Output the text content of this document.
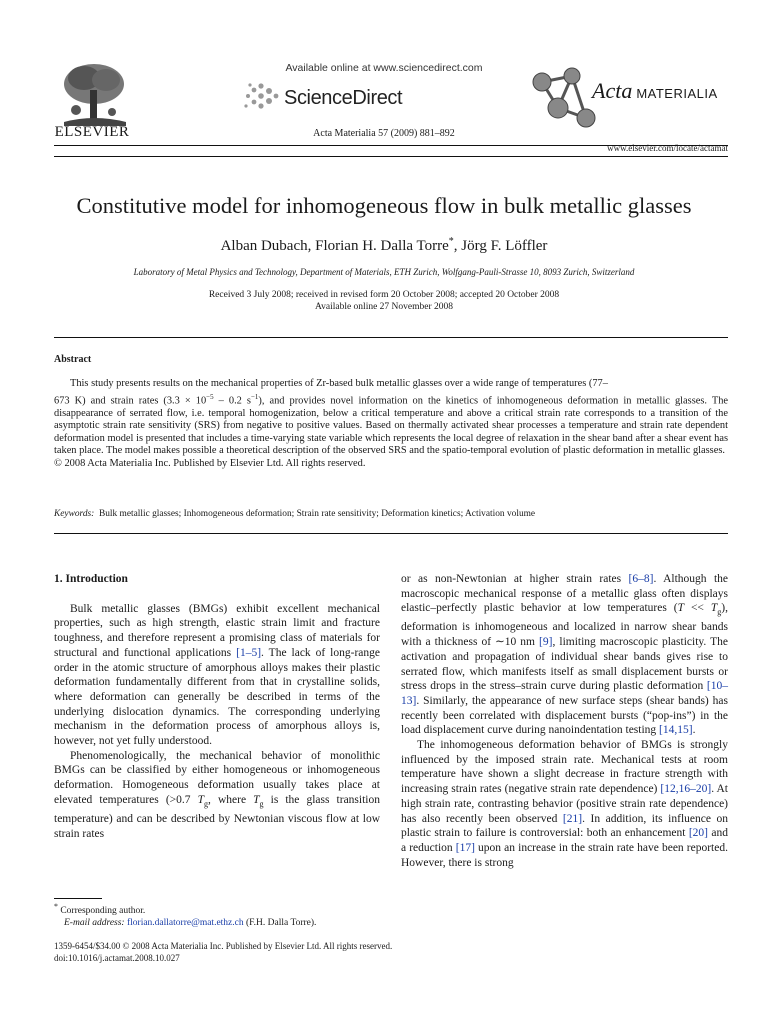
ELSEVIER
Available online at www.sciencedirect.com
ScienceDirect
Acta Materialia 57 (2009) 881–892
Acta MATERIALIA
www.elsevier.com/locate/actamat
Constitutive model for inhomogeneous flow in bulk metallic glasses
Alban Dubach, Florian H. Dalla Torre*, Jörg F. Löffler
Laboratory of Metal Physics and Technology, Department of Materials, ETH Zurich, Wolfgang-Pauli-Strasse 10, 8093 Zurich, Switzerland
Received 3 July 2008; received in revised form 20 October 2008; accepted 20 October 2008
Available online 27 November 2008
Abstract

This study presents results on the mechanical properties of Zr-based bulk metallic glasses over a wide range of temperatures (77–
673 K) and strain rates ($3.3 \times 10^{-5} - 0.2$ $s^{-1}$), and provides novel information on the kinetics of inhomogeneous deformation in metallic glasses. The disappearance of serrated flow, i.e. temporal homogenization, below a critical temperature and above a critical strain rate corresponds to a transition of the asymptotic strain rate sensitivity (SRS) from negative to positive values. Based on thermally activated shear processes a temperature and strain rate dependent deformation model is presented that includes a time-varying state variable which represents the local degree of relaxation in the shear band after a shear event has taken place. The model makes possible a theoretical description of the observed SRS and the spatio-temporal evolution of plastic deformation in metallic glasses.

© 2008 Acta Materialia Inc. Published by Elsevier Ltd. All rights reserved.

Keywords: Bulk metallic glasses; Inhomogeneous deformation; Strain rate sensitivity; Deformation kinetics; Activation volume

1. Introduction

Bulk metallic glasses (BMGs) exhibit excellent mechanical properties, such as high strength, elastic strain limit and fracture toughness, and therefore represent a promising class of materials for structural and functional applications [1–5]. The lack of long-range order in the atomic structure of amorphous alloys makes their plastic deformation fundamentally different from that in crystalline solids, where deformation can generally be described in terms of the underlying dislocation dynamics. The corresponding underlying mechanism in the deformation process of amorphous alloys is, however, not yet fully understood.

Phenomenologically, the mechanical behavior of monolithic BMGs can be classified by either homogeneous or inhomogeneous deformation. Homogeneous deformation usually takes place at elevated temperatures (>0.7 $T_g$, where $T_g$ is the glass transition temperature) and can be described by Newtonian viscous flow at low strain rates

or as non-Newtonian at higher strain rates [6–8]. Although the macroscopic mechanical response of a metallic glass often displays elastic–perfectly plastic behavior at low temperatures $(T << T_g)$, deformation is inhomogeneous and localized in narrow shear bands with a thickness of ∼10 nm [9], limiting macroscopic plasticity. The activation and propagation of individual shear bands gives rise to serrated flow, which manifests itself as small displacement bursts or stress drops in the stress–strain curve during plastic deformation [10–13]. Similarly, the appearance of new surface steps (shear bands) has recently been correlated with displacement bursts (“pop-ins”) in the load displacement curve during nanoindentation testing [14,15].

The inhomogeneous deformation behavior of BMGs is strongly influenced by the imposed strain rate. Mechanical tests at room temperature have shown a slight decrease in fracture strength with increasing strain rates (negative strain rate dependence) [12,16–20]. At high strain rate, contrasting behavior (positive strain rate dependence) has also recently been observed [21]. In addition, its influence on plastic strain to failure is controversial: both an enhancement [20] and a reduction [17] upon an increase in the strain rate have been reported. However, there is strong

* Corresponding author.
E-mail address: florian.dallatorre@mat.ethz.ch (F.H. Dalla Torre).
1359-6454/$34.00 © 2008 Acta Materialia Inc. Published by Elsevier Ltd. All rights reserved.
doi:10.1016/j.actamat.2008.10.027
